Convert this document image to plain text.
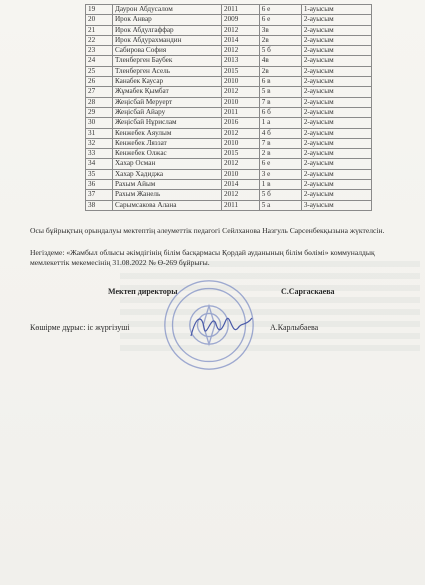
19	Даурон Абдусалом	2011	6 е	1-ауысым
20	Ирок Анвар	2009	6 е	2-ауысым
21	Ирок Абдулгаффар	2012	3в	2-ауысым
22	Ирок Абдурахмандин	2014	2в	2-ауысым
23	Сабирова София	2012	5 б	2-ауысым
24	Тленберген Баубек	2013	4в	2-ауысым
25	Тленберген Асель	2015	2в	2-ауысым
26	Канабек Каусар	2010	6 в	2-ауысым
27	Жұмабек Қымбат	2012	5 в	2-ауысым
28	Жеңісбай Меруерт	2010	7 в	2-ауысым
29	Жеңісбай Айару	2011	6 б	2-ауысым
30	Жеңісбай Нұрислам	2016	1 а	2-ауысым
31	Кенжебек Аяулым	2012	4 б	2-ауысым
32	Кенжебек Ляззат	2010	7 в	2-ауысым
33	Кенжебек Олжас	2015	2 в	2-ауысым
34	Хахар Осман	2012	6 е	2-ауысым
35	Хахар Хадиджа	2010	3 е	2-ауысым
36	Рахым Айым	2014	1 в	2-ауысым
37	Рахым Жанель	2012	5 б	2-ауысым
38	Сарымсакова Алана	2011	5 а	3-ауысым
Осы бұйрықтың орындалуы мектептің әлеуметтік педагогі Сейлханова Назгуль Сарсенбекқызына жүктелсін.
Негіздеме: «Жамбыл облысы әкімдігінің білім басқармасы Қордай ауданының білім бөлімі» коммуналдық мемлекеттік мекемесінің 31.08.2022 № Ө-269 бұйрығы.
Мектеп директоры	С.Саргаскаева
Көшірме дұрыс: іс жүргізуші	А.Карлыбаева
